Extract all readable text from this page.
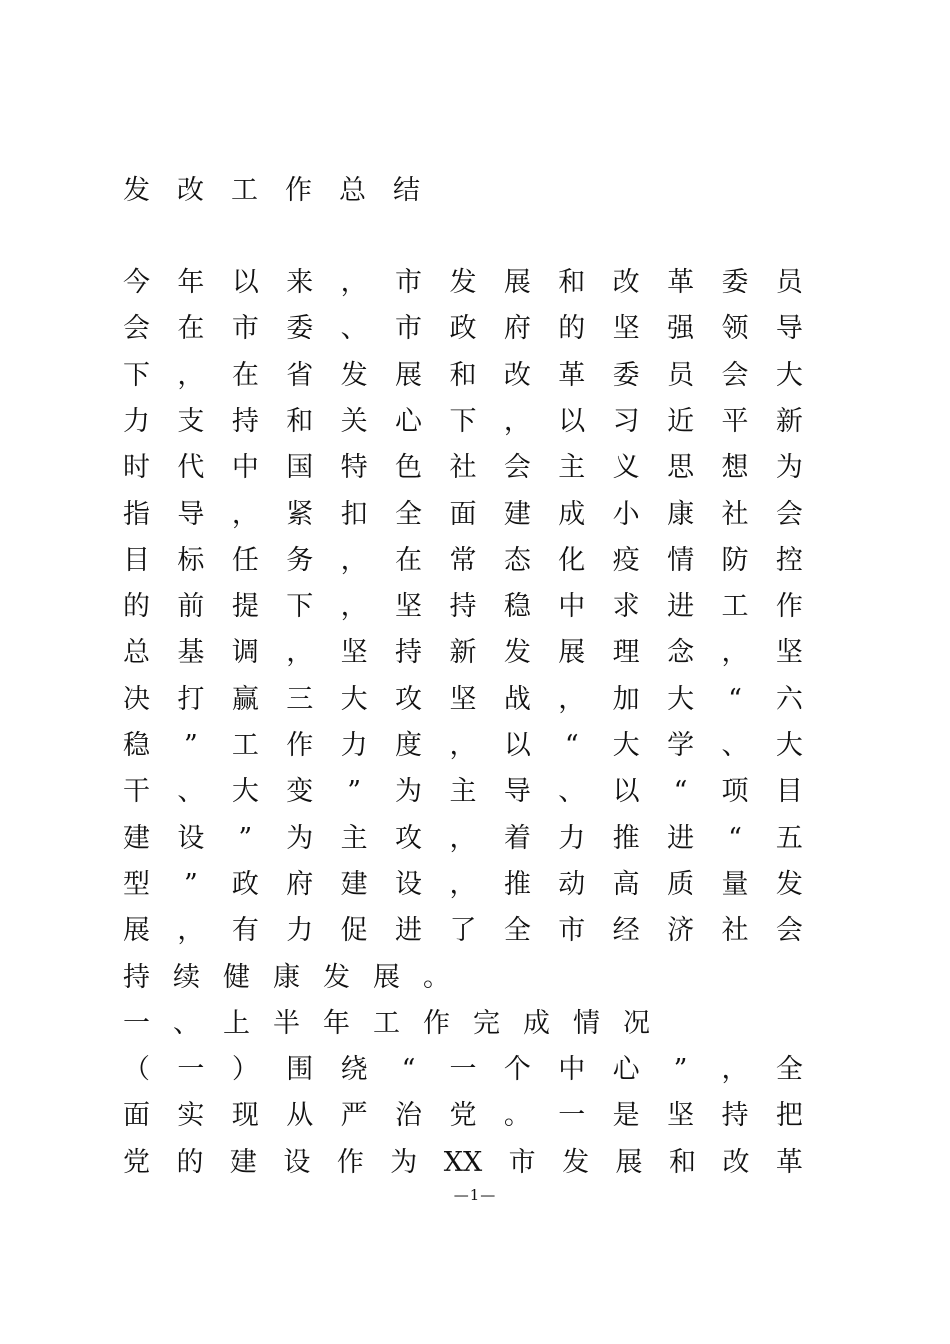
发 改 工 作 总 结
今 年 以 来 ， 市 发 展 和 改 革 委 员
会 在 市 委 、 市 政 府 的 坚 强 领 导
下 ， 在 省 发 展 和 改 革 委 员 会 大
力 支 持 和 关 心 下 ， 以 习 近 平 新
时 代 中 国 特 色 社 会 主 义 思 想 为
指 导 ， 紧 扣 全 面 建 成 小 康 社 会
目 标 任 务 ， 在 常 态 化 疫 情 防 控
的 前 提 下 ， 坚 持 稳 中 求 进 工 作
总 基 调 ， 坚 持 新 发 展 理 念 ， 坚
决 打 赢 三 大 攻 坚 战 ， 加 大 “ 六
稳 ” 工 作 力 度 ， 以 “ 大 学 、 大
干 、 大 变 ” 为 主 导 、 以 “ 项 目
建 设 ” 为 主 攻 ， 着 力 推 进 “ 五
型 ” 政 府 建 设 ， 推 动 高 质 量 发
展 ， 有 力 促 进 了 全 市 经 济 社 会
持 续 健 康 发 展 。
一 、 上 半 年 工 作 完 成 情 况
（ 一 ） 围 绕 “ 一 个 中 心 ” ， 全
面 实 现 从 严 治 党 。 一 是 坚 持 把
党 的 建 设 作 为 XX 市 发 展 和 改 革
—1—
